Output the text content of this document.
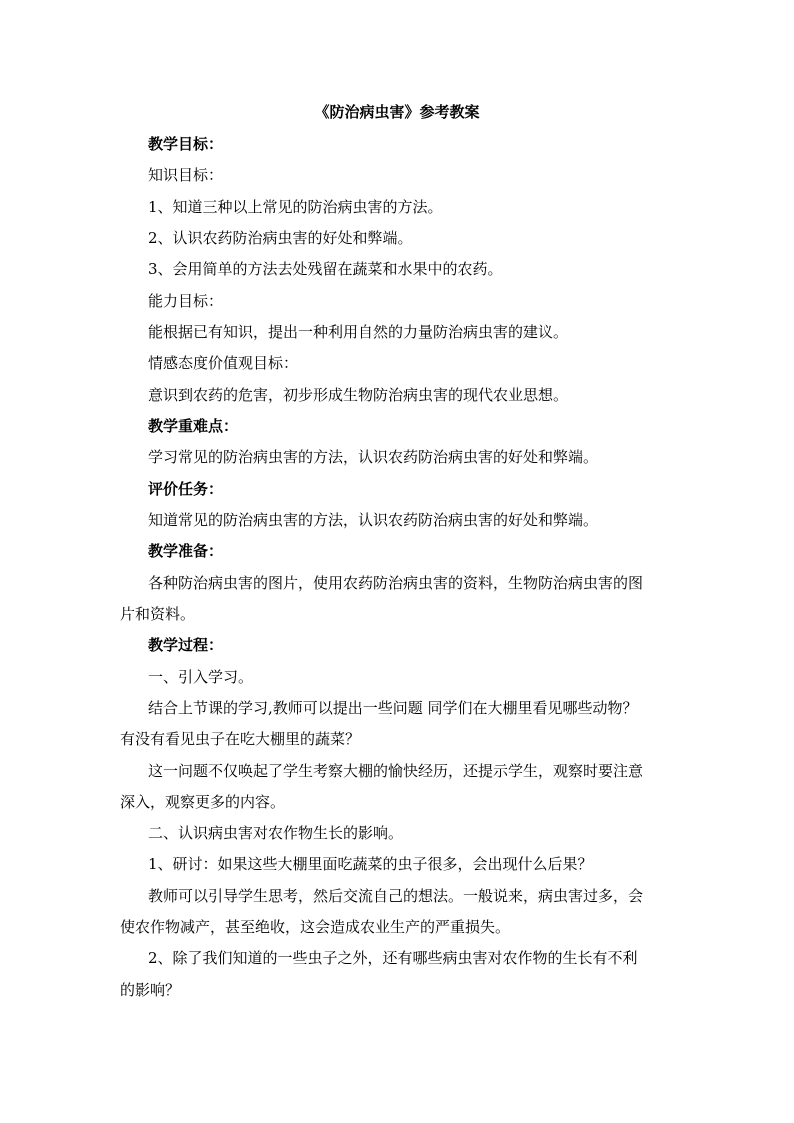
《防治病虫害》参考教案
教学目标：
知识目标：
1、知道三种以上常见的防治病虫害的方法。
2、认识农药防治病虫害的好处和弊端。
3、会用简单的方法去处残留在蔬菜和水果中的农药。
能力目标：
能根据已有知识，提出一种利用自然的力量防治病虫害的建议。
情感态度价值观目标：
意识到农药的危害，初步形成生物防治病虫害的现代农业思想。
教学重难点：
学习常见的防治病虫害的方法，认识农药防治病虫害的好处和弊端。
评价任务：
知道常见的防治病虫害的方法，认识农药防治病虫害的好处和弊端。
教学准备：
各种防治病虫害的图片，使用农药防治病虫害的资料，生物防治病虫害的图
片和资料。
教学过程：
一、引入学习。
结合上节课的学习,教师可以提出一些问题 同学们在大棚里看见哪些动物？
有没有看见虫子在吃大棚里的蔬菜？
这一问题不仅唤起了学生考察大棚的愉快经历，还提示学生，观察时要注意
深入，观察更多的内容。
二、认识病虫害对农作物生长的影响。
1、研讨：如果这些大棚里面吃蔬菜的虫子很多，会出现什么后果？
教师可以引导学生思考，然后交流自己的想法。一般说来，病虫害过多，会
使农作物减产，甚至绝收，这会造成农业生产的严重损失。
2、除了我们知道的一些虫子之外，还有哪些病虫害对农作物的生长有不利
的影响？
